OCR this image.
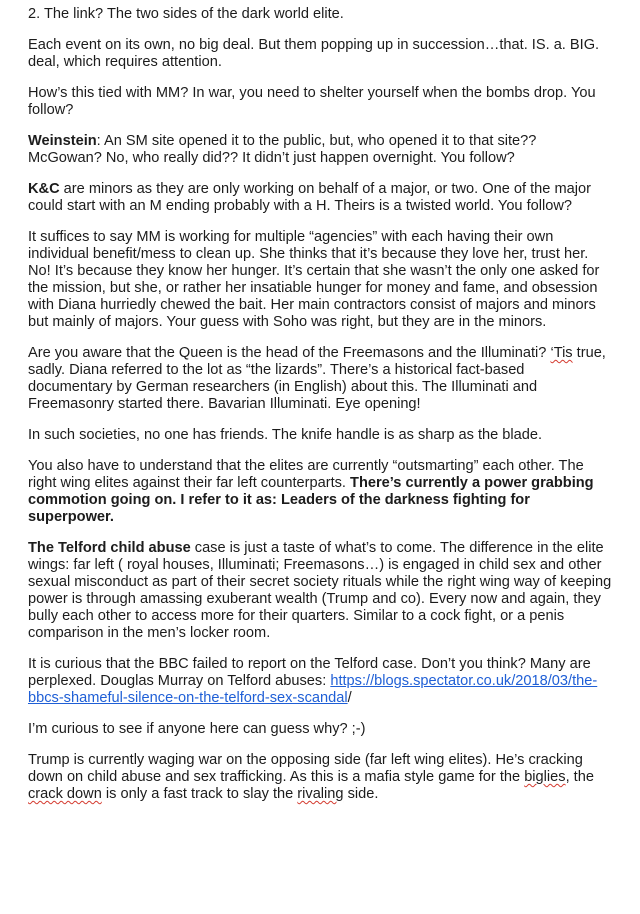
2. The link? The two sides of the dark world elite.

Each event on its own, no big deal. But them popping up in succession…that. IS. a. BIG. deal, which requires attention.

How’s this tied with MM? In war, you need to shelter yourself when the bombs drop. You follow?

Weinstein: An SM site opened it to the public, but, who opened it to that site?? McGowan? No, who really did?? It didn’t just happen overnight. You follow?

K&C are minors as they are only working on behalf of a major, or two. One of the major could start with an M ending probably with a H. Theirs is a twisted world. You follow?

It suffices to say MM is working for multiple “agencies” with each having their own individual benefit/mess to clean up. She thinks that it’s because they love her, trust her. No! It’s because they know her hunger. It’s certain that she wasn’t the only one asked for the mission, but she, or rather her insatiable hunger for money and fame, and obsession with Diana hurriedly chewed the bait. Her main contractors consist of majors and minors but mainly of majors. Your guess with Soho was right, but they are in the minors.

Are you aware that the Queen is the head of the Freemasons and the Illuminati? ‘Tis true, sadly. Diana referred to the lot as “the lizards”. There’s a historical fact-based documentary by German researchers (in English) about this. The Illuminati and Freemasonry started there. Bavarian Illuminati. Eye opening!

In such societies, no one has friends. The knife handle is as sharp as the blade.

You also have to understand that the elites are currently “outsmarting” each other. The right wing elites against their far left counterparts. There’s currently a power grabbing commotion going on. I refer to it as: Leaders of the darkness fighting for superpower.

The Telford child abuse case is just a taste of what’s to come. The difference in the elite wings: far left ( royal houses, Illuminati; Freemasons…) is engaged in child sex and other sexual misconduct as part of their secret society rituals while the right wing way of keeping power is through amassing exuberant wealth (Trump and co). Every now and again, they bully each other to access more for their quarters. Similar to a cock fight, or a penis comparison in the men’s locker room.

It is curious that the BBC failed to report on the Telford case. Don’t you think? Many are perplexed. Douglas Murray on Telford abuses: https://blogs.spectator.co.uk/2018/03/the-bbcs-shameful-silence-on-the-telford-sex-scandal/

I’m curious to see if anyone here can guess why? ;-)

Trump is currently waging war on the opposing side (far left wing elites). He’s cracking down on child abuse and sex trafficking. As this is a mafia style game for the biglies, the crack down is only a fast track to slay the rivaling side.
